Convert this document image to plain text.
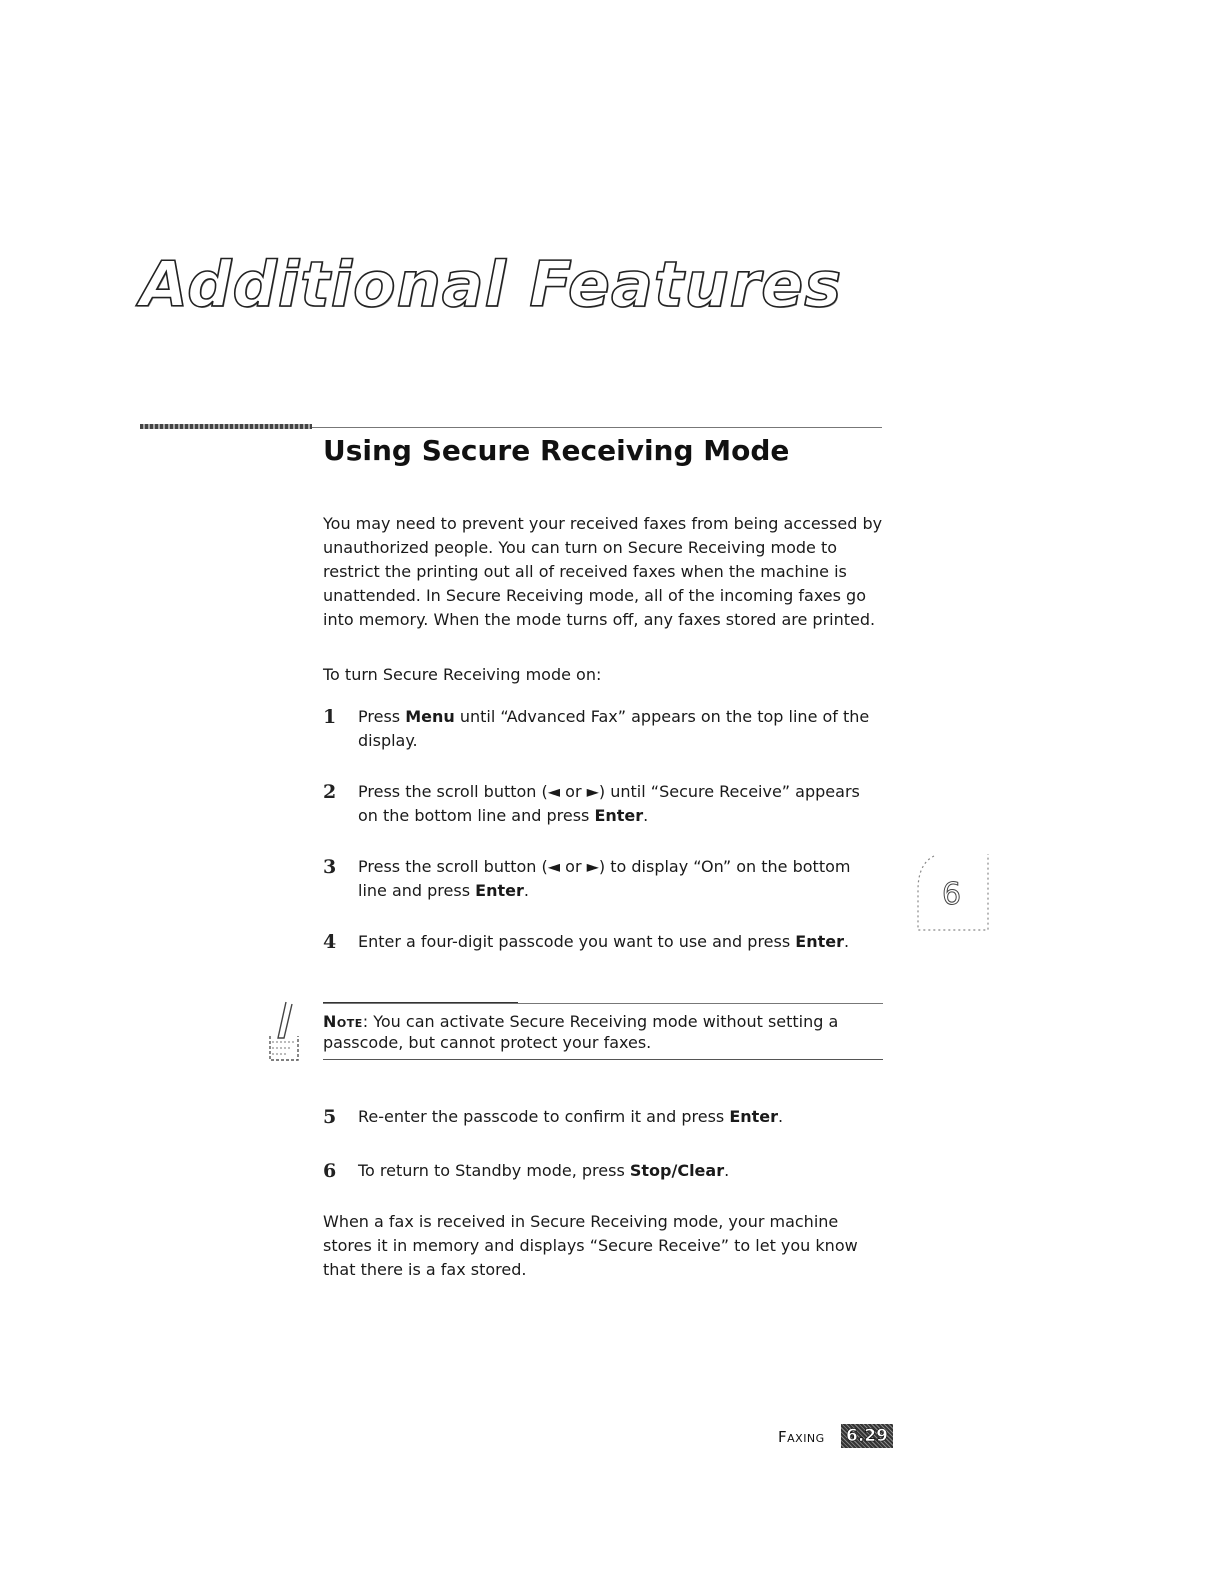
Additional Features
Using Secure Receiving Mode
You may need to prevent your received faxes from being accessed by unauthorized people. You can turn on Secure Receiving mode to restrict the printing out all of received faxes when the machine is unattended. In Secure Receiving mode, all of the incoming faxes go into memory. When the mode turns off, any faxes stored are printed.
To turn Secure Receiving mode on:
1 Press Menu until “Advanced Fax” appears on the top line of the display.
2 Press the scroll button (◄ or ►) until “Secure Receive” appears on the bottom line and press Enter.
3 Press the scroll button (◄ or ►) to display “On” on the bottom line and press Enter.
4 Enter a four-digit passcode you want to use and press Enter.
Note: You can activate Secure Receiving mode without setting a passcode, but cannot protect your faxes.
5 Re-enter the passcode to confirm it and press Enter.
6 To return to Standby mode, press Stop/Clear.
When a fax is received in Secure Receiving mode, your machine stores it in memory and displays “Secure Receive” to let you know that there is a fax stored.
6
Faxing 6.29
